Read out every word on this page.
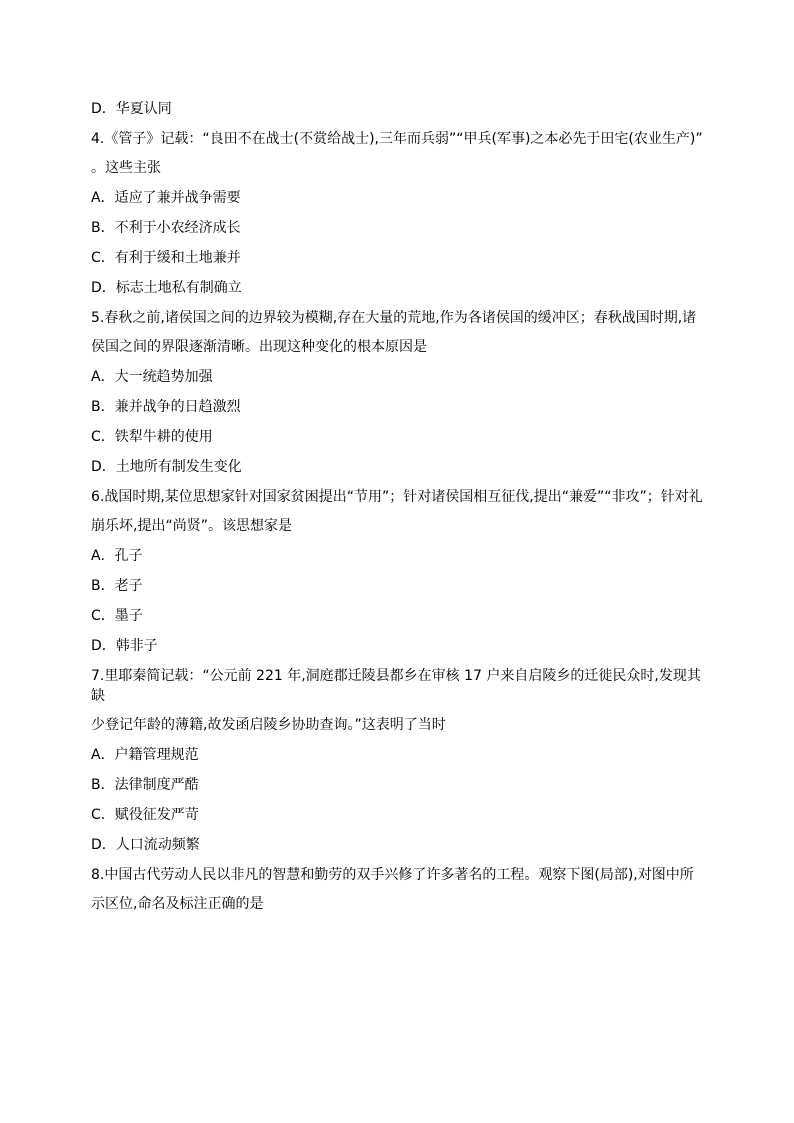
D．华夏认同

4.《管子》记载：“良田不在战士(不赏给战士),三年而兵弱”“甲兵(军事)之本必先于田宅(农业生产)”

。这些主张

A．适应了兼并战争需要

B．不利于小农经济成长

C．有利于缓和土地兼并

D．标志土地私有制确立

5.春秋之前,诸侯国之间的边界较为模糊,存在大量的荒地,作为各诸侯国的缓冲区；春秋战国时期,诸

侯国之间的界限逐渐清晰。出现这种变化的根本原因是

A．大一统趋势加强

B．兼并战争的日趋激烈

C．铁犁牛耕的使用

D．土地所有制发生变化

6.战国时期,某位思想家针对国家贫困提出“节用”；针对诸侯国相互征伐,提出“兼爱”“非攻”；针对礼

崩乐坏,提出“尚贤”。该思想家是

A．孔子

B．老子

C．墨子

D．韩非子

7.里耶秦简记载：“公元前 221 年,洞庭郡迁陵县都乡在审核 17 户来自启陵乡的迁徙民众时,发现其缺

少登记年龄的薄籍,故发函启陵乡协助查询。”这表明了当时

A．户籍管理规范

B．法律制度严酷

C．赋役征发严苛

D．人口流动频繁

8.中国古代劳动人民以非凡的智慧和勤劳的双手兴修了许多著名的工程。观察下图(局部),对图中所

示区位,命名及标注正确的是
